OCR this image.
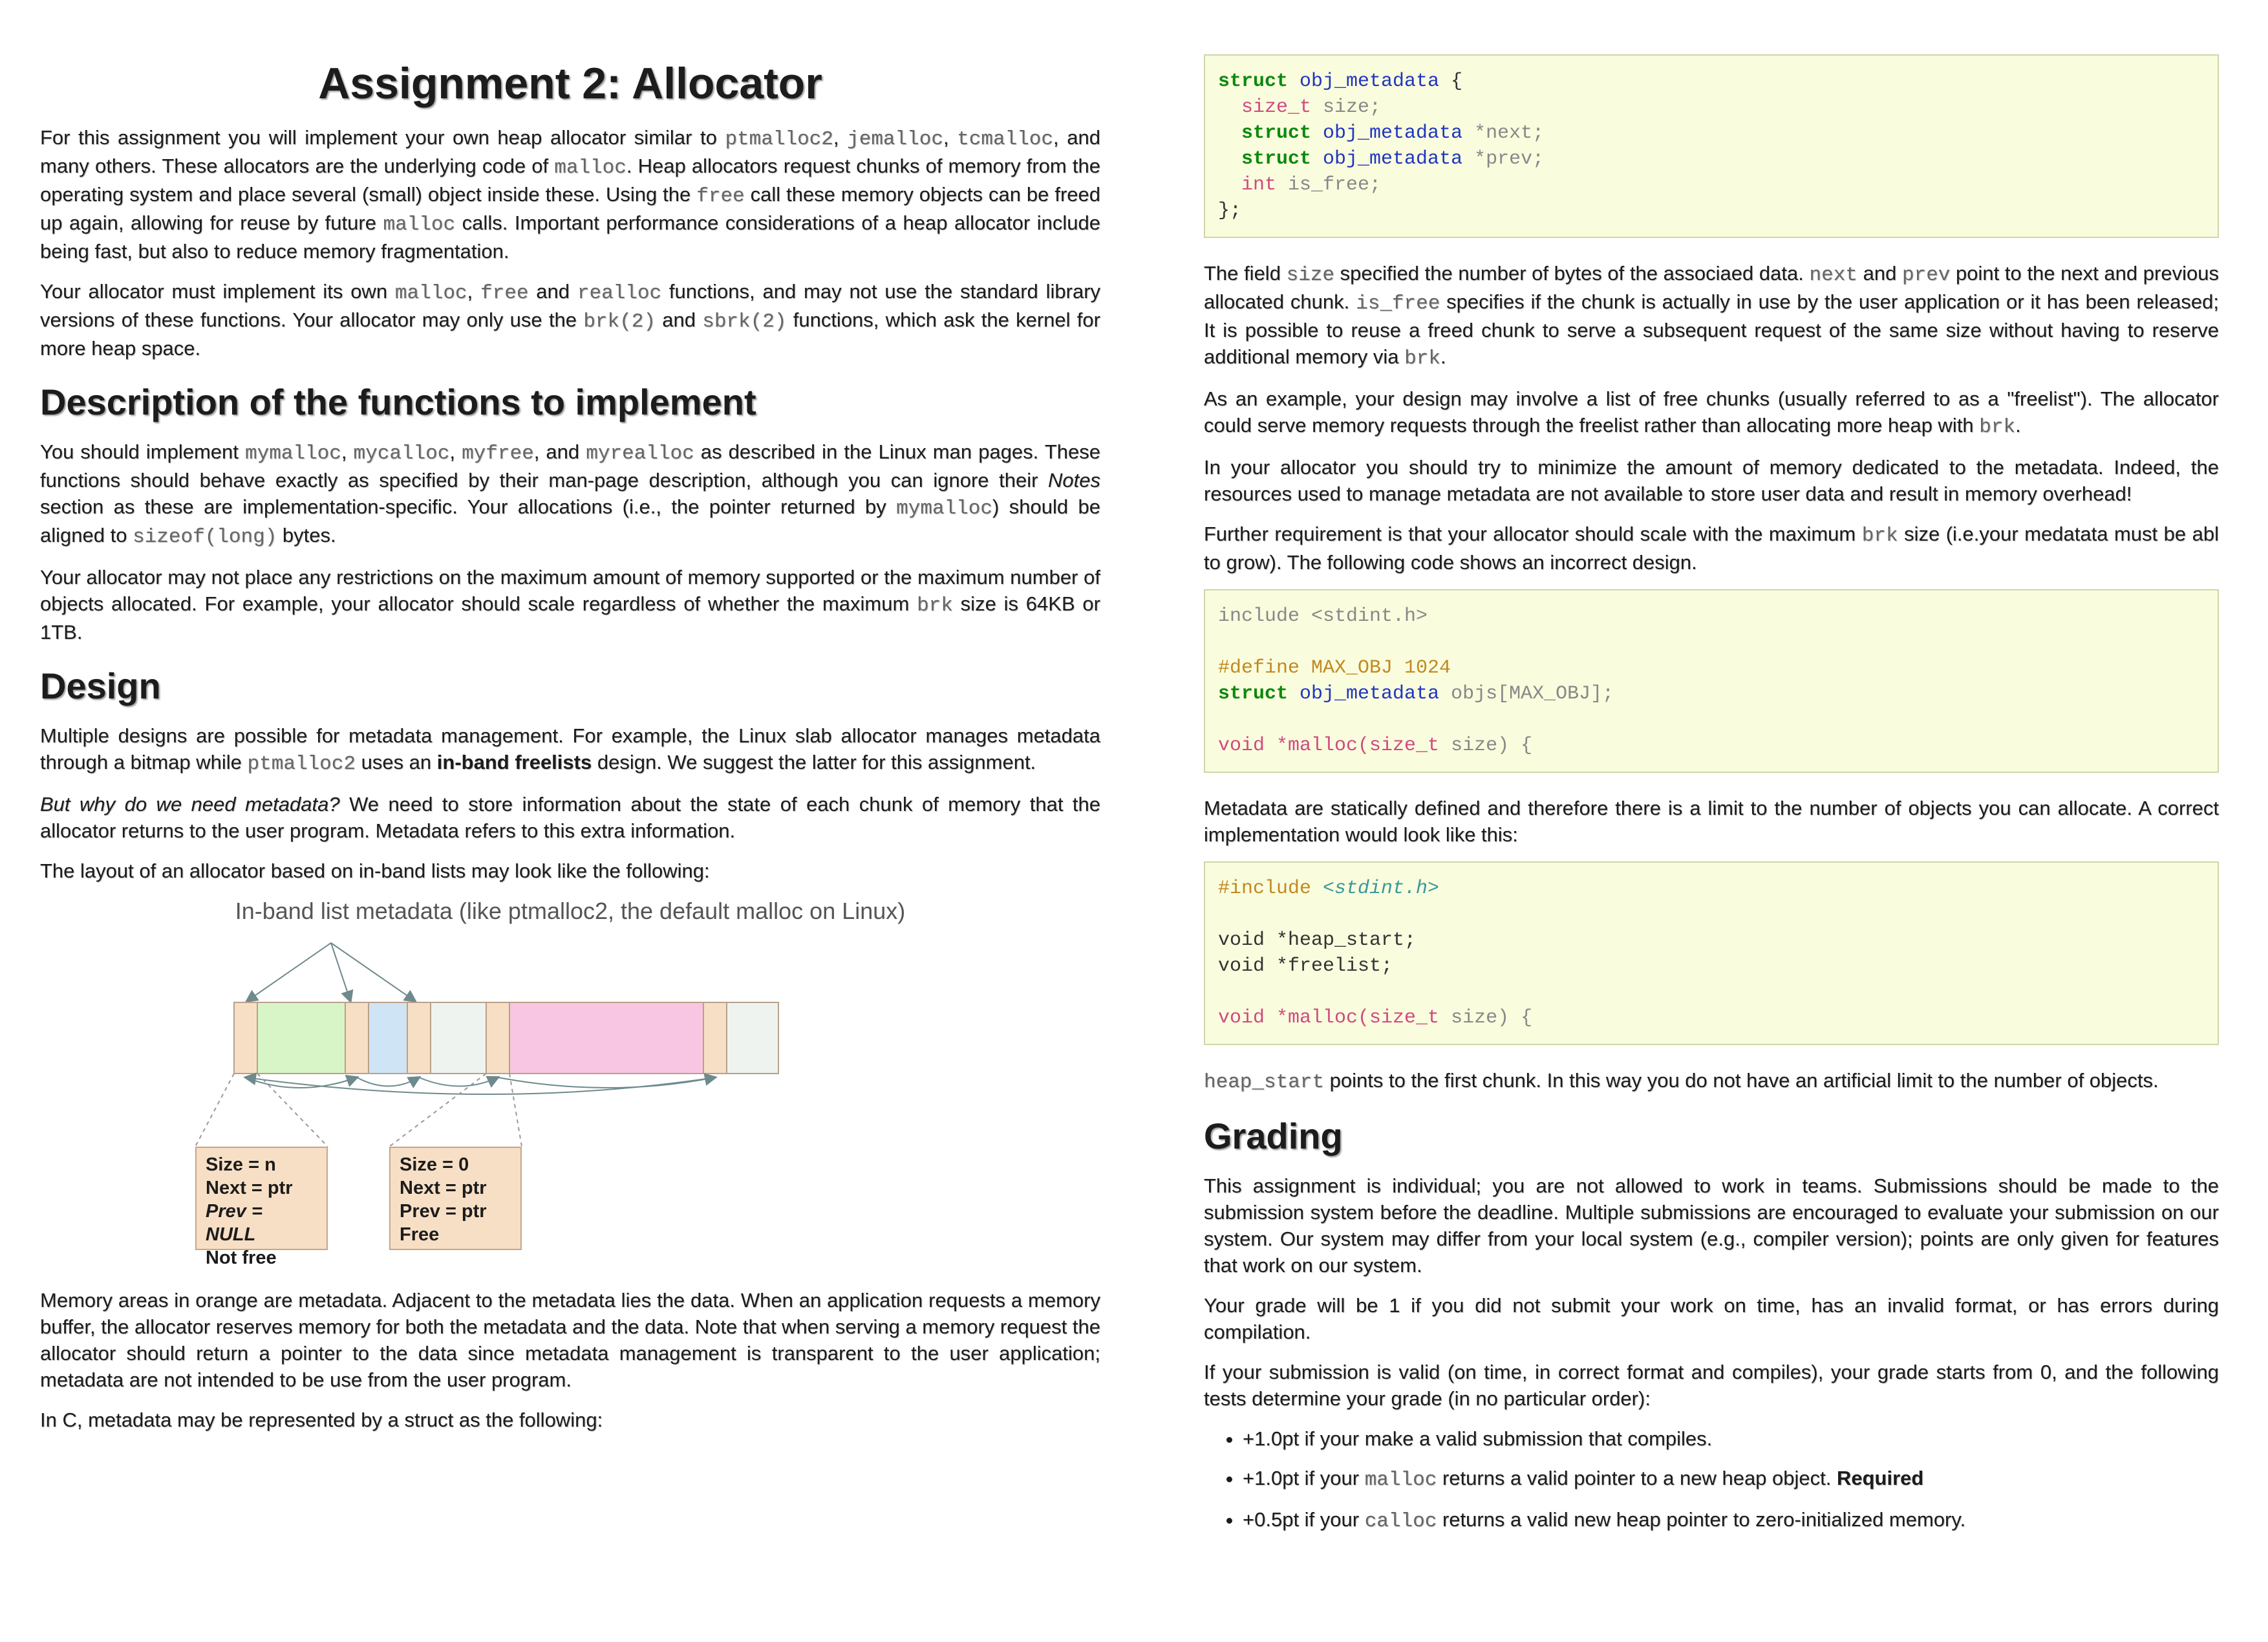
Assignment 2: Allocator

For this assignment you will implement your own heap allocator similar to ptmalloc2, jemalloc, tcmalloc, and many others. These allocators are the underlying code of malloc. Heap allocators request chunks of memory from the operating system and place several (small) object inside these. Using the free call these memory objects can be freed up again, allowing for reuse by future malloc calls. Important performance considerations of a heap allocator include being fast, but also to reduce memory fragmentation.

Your allocator must implement its own malloc, free and realloc functions, and may not use the standard library versions of these functions. Your allocator may only use the brk(2) and sbrk(2) functions, which ask the kernel for more heap space.

Description of the functions to implement

You should implement mymalloc, mycalloc, myfree, and myrealloc as described in the Linux man pages. These functions should behave exactly as specified by their man-page description, although you can ignore their Notes section as these are implementation-specific. Your allocations (i.e., the pointer returned by mymalloc) should be aligned to sizeof(long) bytes.

Your allocator may not place any restrictions on the maximum amount of memory supported or the maximum number of objects allocated. For example, your allocator should scale regardless of whether the maximum brk size is 64KB or 1TB.

Design

Multiple designs are possible for metadata management. For example, the Linux slab allocator manages metadata through a bitmap while ptmalloc2 uses an in-band freelists design. We suggest the latter for this assignment.

But why do we need metadata? We need to store information about the state of each chunk of memory that the allocator returns to the user program. Metadata refers to this extra information.

The layout of an allocator based on in-band lists may look like the following:

In-band list metadata (like ptmalloc2, the default malloc on Linux)
Size = n
Next = ptr
Prev = NULL
Not free
Size = 0
Next = ptr
Prev = ptr
Free

Memory areas in orange are metadata. Adjacent to the metadata lies the data. When an application requests a memory buffer, the allocator reserves memory for both the metadata and the data. Note that when serving a memory request the allocator should return a pointer to the data since metadata management is transparent to the user application; metadata are not intended to be use from the user program.

In C, metadata may be represented by a struct as the following:

struct obj_metadata {
size_t size;
struct obj_metadata *next;
struct obj_metadata *prev;
int is_free;
};

The field size specified the number of bytes of the associaed data. next and prev point to the next and previous allocated chunk. is_free specifies if the chunk is actually in use by the user application or it has been released; It is possible to reuse a freed chunk to serve a subsequent request of the same size without having to reserve additional memory via brk.

As an example, your design may involve a list of free chunks (usually referred to as a "freelist"). The allocator could serve memory requests through the freelist rather than allocating more heap with brk.

In your allocator you should try to minimize the amount of memory dedicated to the metadata. Indeed, the resources used to manage metadata are not available to store user data and result in memory overhead!

Further requirement is that your allocator should scale with the maximum brk size (i.e.your medatata must be abl to grow). The following code shows an incorrect design.

include <stdint.h>

#define MAX_OBJ 1024
struct obj_metadata objs[MAX_OBJ];

void *malloc(size_t size) {

Metadata are statically defined and therefore there is a limit to the number of objects you can allocate. A correct implementation would look like this:

#include <stdint.h>

void *heap_start;
void *freelist;

void *malloc(size_t size) {

heap_start points to the first chunk. In this way you do not have an artificial limit to the number of objects.

Grading

This assignment is individual; you are not allowed to work in teams. Submissions should be made to the submission system before the deadline. Multiple submissions are encouraged to evaluate your submission on our system. Our system may differ from your local system (e.g., compiler version); points are only given for features that work on our system.

Your grade will be 1 if you did not submit your work on time, has an invalid format, or has errors during compilation.

If your submission is valid (on time, in correct format and compiles), your grade starts from 0, and the following tests determine your grade (in no particular order):

• +1.0pt if your make a valid submission that compiles.
• +1.0pt if your malloc returns a valid pointer to a new heap object. Required
• +0.5pt if your calloc returns a valid new heap pointer to zero-initialized memory.
